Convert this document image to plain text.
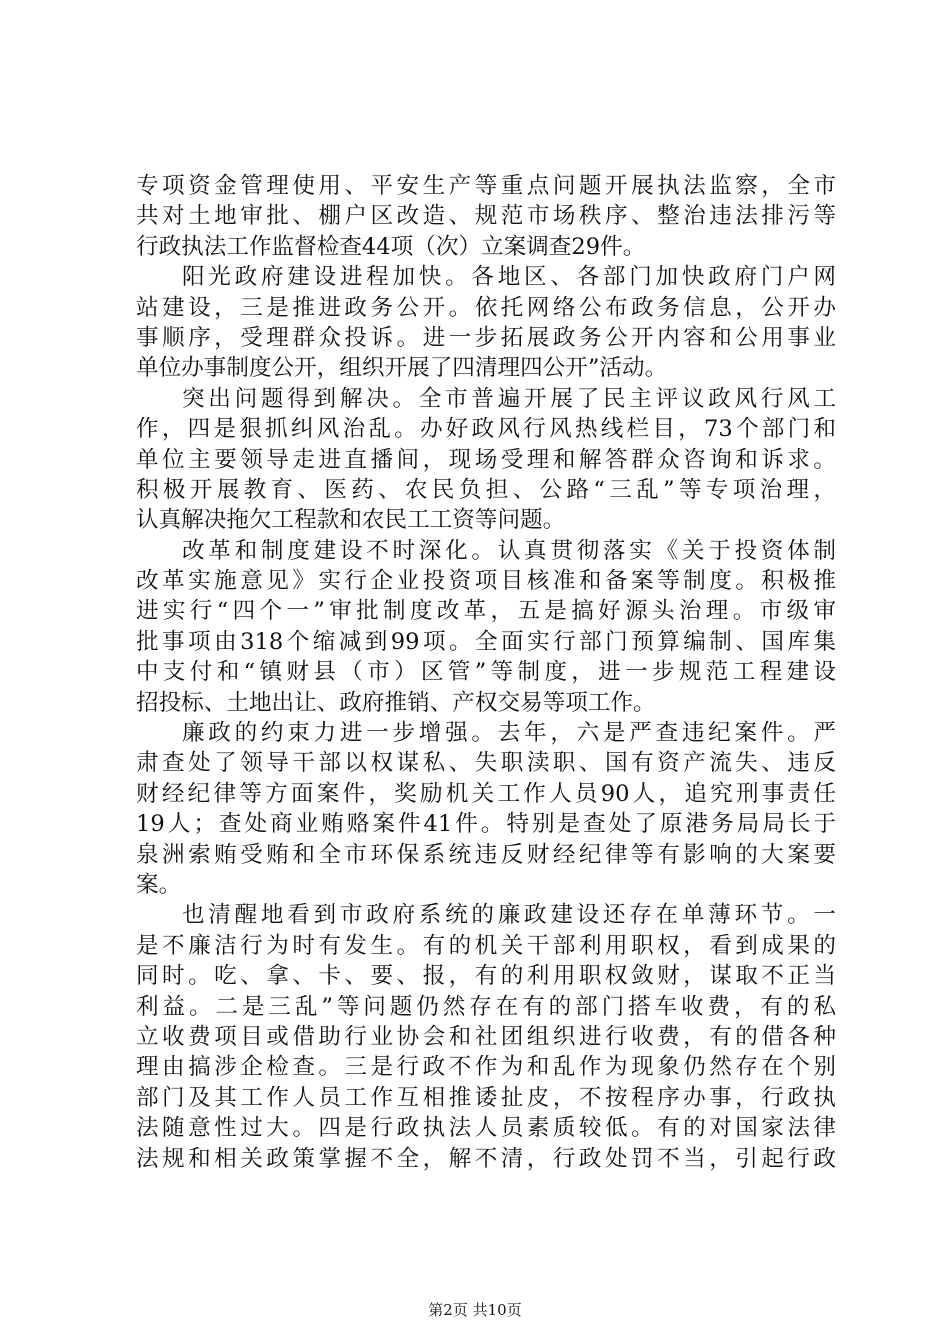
专项资金管理使用、平安生产等重点问题开展执法监察，全市
共对土地审批、棚户区改造、规范市场秩序、整治违法排污等
行政执法工作监督检查44项（次）立案调查29件。
阳光政府建设进程加快。各地区、各部门加快政府门户网
站建设，三是推进政务公开。依托网络公布政务信息，公开办
事顺序，受理群众投诉。进一步拓展政务公开内容和公用事业
单位办事制度公开，组织开展了四清理四公开”活动。
突出问题得到解决。全市普遍开展了民主评议政风行风工
作，四是狠抓纠风治乱。办好政风行风热线栏目，73个部门和
单位主要领导走进直播间，现场受理和解答群众咨询和诉求。
积极开展教育、医药、农民负担、公路“三乱”等专项治理，
认真解决拖欠工程款和农民工工资等问题。
改革和制度建设不时深化。认真贯彻落实《关于投资体制
改革实施意见》实行企业投资项目核准和备案等制度。积极推
进实行“四个一”审批制度改革，五是搞好源头治理。市级审
批事项由318个缩减到99项。全面实行部门预算编制、国库集
中支付和“镇财县（市）区管”等制度，进一步规范工程建设
招投标、土地出让、政府推销、产权交易等项工作。
廉政的约束力进一步增强。去年，六是严查违纪案件。严
肃查处了领导干部以权谋私、失职渎职、国有资产流失、违反
财经纪律等方面案件，奖励机关工作人员90人，追究刑事责任
19人；查处商业贿赂案件41件。特别是查处了原港务局局长于
泉洲索贿受贿和全市环保系统违反财经纪律等有影响的大案要
案。
也清醒地看到市政府系统的廉政建设还存在单薄环节。一
是不廉洁行为时有发生。有的机关干部利用职权，看到成果的
同时。吃、拿、卡、要、报，有的利用职权敛财，谋取不正当
利益。二是三乱”等问题仍然存在有的部门搭车收费，有的私
立收费项目或借助行业协会和社团组织进行收费，有的借各种
理由搞涉企检查。三是行政不作为和乱作为现象仍然存在个别
部门及其工作人员工作互相推诿扯皮，不按程序办事，行政执
法随意性过大。四是行政执法人员素质较低。有的对国家法律
法规和相关政策掌握不全，解不清，行政处罚不当，引起行政
第2页 共10页
